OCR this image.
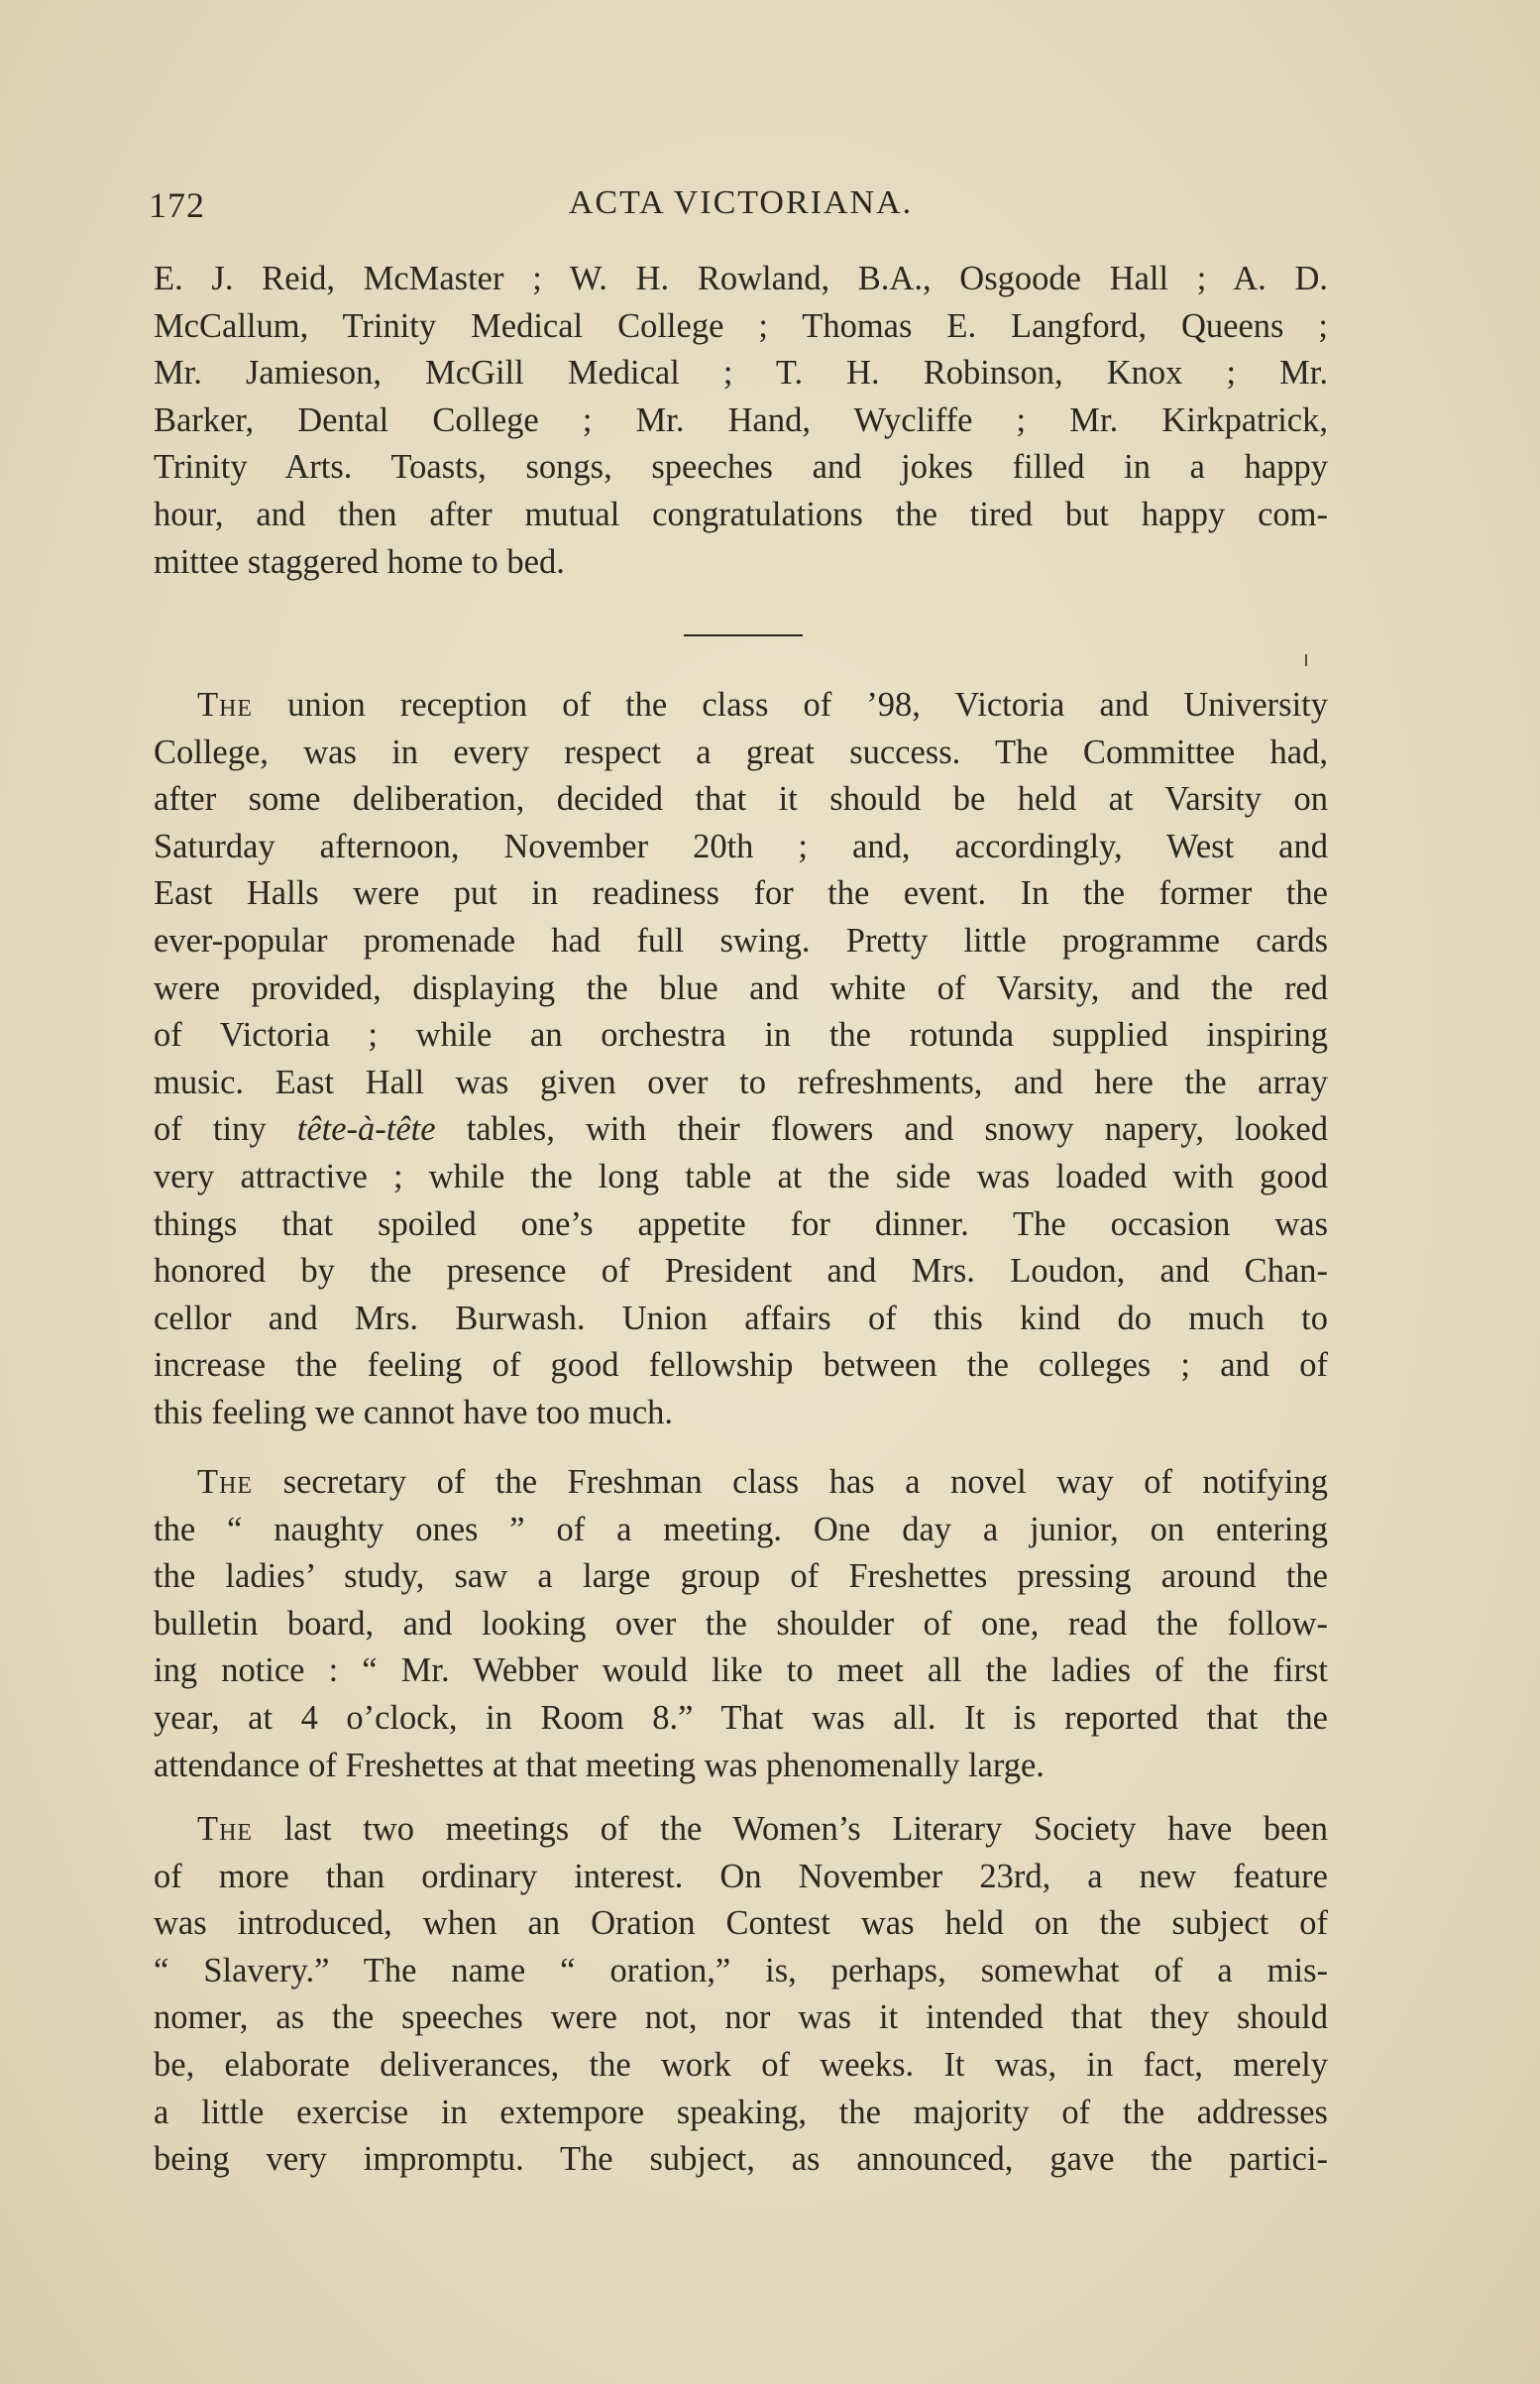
172	ACTA VICTORIANA.
E. J. Reid, McMaster ; W. H. Rowland, B.A., Osgoode Hall ; A. D.
McCallum, Trinity Medical College ; Thomas E. Langford, Queens ;
Mr. Jamieson, McGill Medical ; T. H. Robinson, Knox ; Mr.
Barker, Dental College ; Mr. Hand, Wycliffe ; Mr. Kirkpatrick,
Trinity Arts. Toasts, songs, speeches and jokes filled in a happy
hour, and then after mutual congratulations the tired but happy com-
mittee staggered home to bed.
The union reception of the class of ’98, Victoria and University
College, was in every respect a great success. The Committee had,
after some deliberation, decided that it should be held at Varsity on
Saturday afternoon, November 20th ; and, accordingly, West and
East Halls were put in readiness for the event. In the former the
ever-popular promenade had full swing. Pretty little programme cards
were provided, displaying the blue and white of Varsity, and the red
of Victoria ; while an orchestra in the rotunda supplied inspiring
music. East Hall was given over to refreshments, and here the array
of tiny tête-à-tête tables, with their flowers and snowy napery, looked
very attractive ; while the long table at the side was loaded with good
things that spoiled one’s appetite for dinner. The occasion was
honored by the presence of President and Mrs. Loudon, and Chan-
cellor and Mrs. Burwash. Union affairs of this kind do much to
increase the feeling of good fellowship between the colleges ; and of
this feeling we cannot have too much.
The secretary of the Freshman class has a novel way of notifying
the “ naughty ones ” of a meeting. One day a junior, on entering
the ladies’ study, saw a large group of Freshettes pressing around the
bulletin board, and looking over the shoulder of one, read the follow-
ing notice : “ Mr. Webber would like to meet all the ladies of the first
year, at 4 o’clock, in Room 8.” That was all. It is reported that the
attendance of Freshettes at that meeting was phenomenally large.
The last two meetings of the Women’s Literary Society have been
of more than ordinary interest. On November 23rd, a new feature
was introduced, when an Oration Contest was held on the subject of
“ Slavery.” The name “ oration,” is, perhaps, somewhat of a mis-
nomer, as the speeches were not, nor was it intended that they should
be, elaborate deliverances, the work of weeks. It was, in fact, merely
a little exercise in extempore speaking, the majority of the addresses
being very impromptu. The subject, as announced, gave the partici-
